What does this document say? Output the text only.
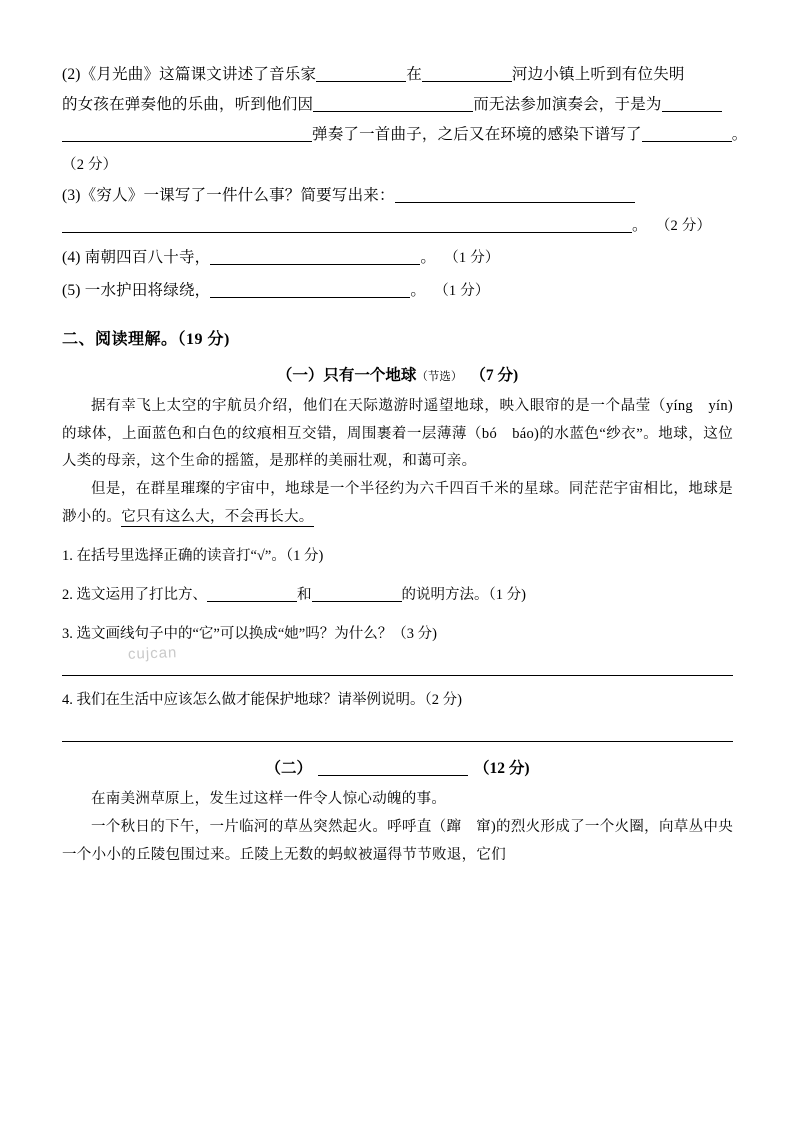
(2)《月光曲》这篇课文讲述了音乐家	在	河边小镇上听到有位失明
的女孩在弹奏他的乐曲，听到他们因	而无法参加演奏会，于是为
弹奏了一首曲子，之后又在环境的感染下谱写了	。
（2 分）
(3)《穷人》一课写了一件什么事？简要写出来：
。 （2 分）
(4) 南朝四百八十寺，	。 （1 分）
(5) 一水护田将绿绕，	。 （1 分）
二、阅读理解。（19 分)
（一）只有一个地球（节选） （7 分)

据有幸飞上太空的宇航员介绍，他们在天际遨游时遥望地球，映入眼帘的是一个晶莹（yíng　yín)的球体，上面蓝色和白色的纹痕相互交错，周围裹着一层薄薄（bó　báo)的水蓝色“纱衣”。地球，这位人类的母亲，这个生命的摇篮，是那样的美丽壮观，和蔼可亲。

但是，在群星璀璨的宇宙中，地球是一个半径约为六千四百千米的星球。同茫茫宇宙相比，地球是渺小的。它只有这么大，不会再长大。

1. 在括号里选择正确的读音打“√”。（1 分)
2. 选文运用了打比方、	和	的说明方法。（1 分)
3. 选文画线句子中的“它”可以换成“她”吗？为什么？（3 分)
4. 我们在生活中应该怎么做才能保护地球？请举例说明。（2 分)
（二）	（12 分)

在南美洲草原上，发生过这样一件令人惊心动魄的事。

一个秋日的下午，一片临河的草丛突然起火。呼呼直（蹿　窜)的烈火形成了一个火圈，向草丛中央一个小小的丘陵包围过来。丘陵上无数的蚂蚁被逼得节节败退，它们

cujcan
